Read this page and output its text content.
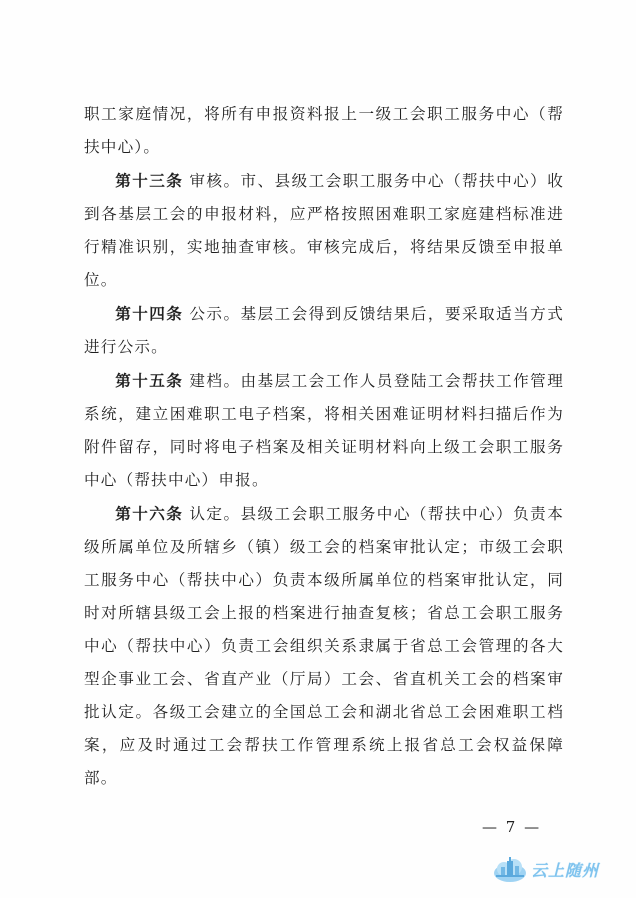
职工家庭情况，将所有申报资料报上一级工会职工服务中心（帮扶中心）。

第十三条 审核。市、县级工会职工服务中心（帮扶中心）收到各基层工会的申报材料，应严格按照困难职工家庭建档标准进行精准识别，实地抽查审核。审核完成后，将结果反馈至申报单位。

第十四条 公示。基层工会得到反馈结果后，要采取适当方式进行公示。

第十五条 建档。由基层工会工作人员登陆工会帮扶工作管理系统，建立困难职工电子档案，将相关困难证明材料扫描后作为附件留存，同时将电子档案及相关证明材料向上级工会职工服务中心（帮扶中心）申报。

第十六条 认定。县级工会职工服务中心（帮扶中心）负责本级所属单位及所辖乡（镇）级工会的档案审批认定；市级工会职工服务中心（帮扶中心）负责本级所属单位的档案审批认定，同时对所辖县级工会上报的档案进行抽查复核；省总工会职工服务中心（帮扶中心）负责工会组织关系隶属于省总工会管理的各大型企事业工会、省直产业（厅局）工会、省直机关工会的档案审批认定。各级工会建立的全国总工会和湖北省总工会困难职工档案，应及时通过工会帮扶工作管理系统上报省总工会权益保障部。

— 7 —
云上随州
